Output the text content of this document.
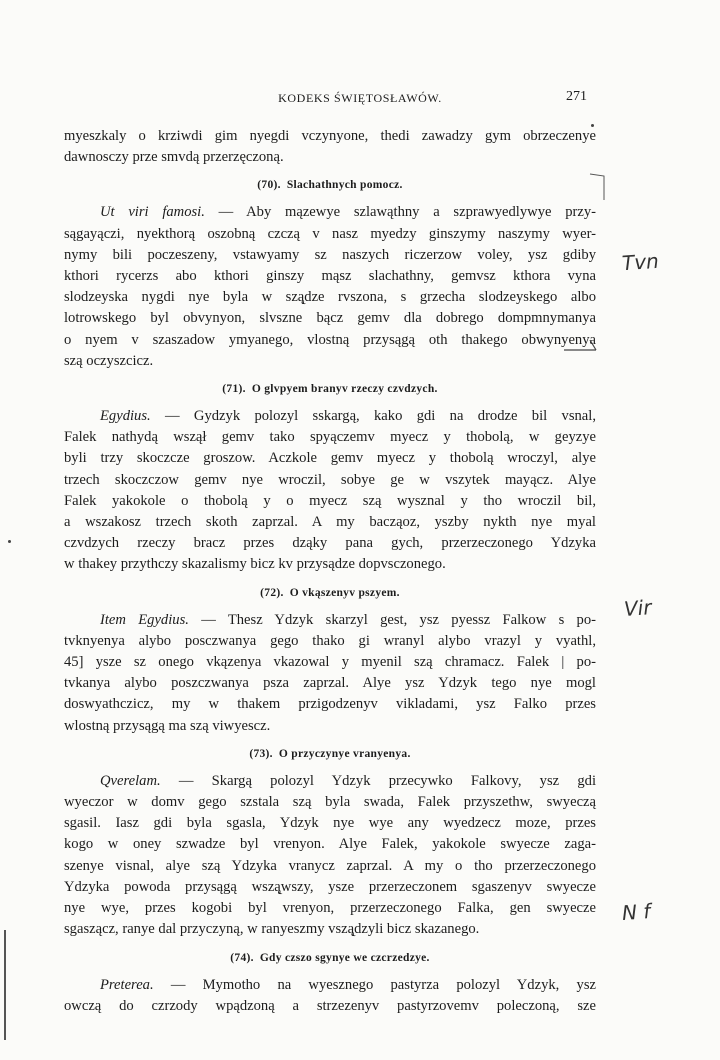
KODEKS ŚWIĘTOSŁAWÓW.	271

myeszkaly o krziwdi gim nyegdi vczynyone, thedi zawadzy gym obrzeczenye
dawnosczy prze smvdą przerzęczoną.

(70). Slachathnych pomocz.

Ut viri famosi. — Aby mązewye szlawąthny a szprawyedlywye przy-
sągayączi, nyekthorą oszobną czczą v nasz myedzy ginszymy naszymy wyer-
nymy bili poczeszeny, vstawyamy sz naszych riczerzow voley, ysz gdiby
kthori rycerzs abo kthori ginszy mąsz slachathny, gemvsz kthora vyna
slodzeyska nygdi nye byla w szą̨dze rvszona, s grzecha slodzeyskego albo
lotrowskego byl obvynyon, slvszne bącz gemv dla dobrego dompmnymanya
o nyem v szaszadow ymyanego, vlostną przysągą oth thakego obwynyenya
szą oczyszcicz.

(71). O glvpyem branyv rzeczy czvdzych.

Egydius. — Gydzyk polozyl sskargą, kako gdi na drodze bil vsnal,
Falek nathydą wszął gemv tako spyączemv myecz y thobolą, w geyzye
byli trzy skoczcze groszow. Aczkole gemv myecz y thobolą wroczyl, alye
trzech skoczczow gemv nye wroczil, sobye ge w vszytek mayącz. Alye
Falek yakokole o thobolą y o myecz szą wysznal y tho wroczil bil,
a wszakosz trzech skoth zaprzal. A my bacząoz, yszby nykth nye myal
czvdzych rzeczy bracz przes dząky pana gych, przerzeczonego Ydzyka
w thakey przythczy skazalismy bicz kv przysądze dopvsczonego.

(72). O vkąszenyv pszyem.

Item Egydius. — Thesz Ydzyk skarzyl gest, ysz pyessz Falkow s po-
tvknyenya alybo posczwanya gego thako gi wranyl alybo vrazyl y vyathl,
45] ysze sz onego vkązenya vkazowal y myenil szą chramacz. Falek | po-
tvkanya alybo poszczwanya psza zaprzal. Alye ysz Ydzyk tego nye mogl
doswyathczicz, my w thakem przigodzenyv vikladami, ysz Falko przes
wlostną przysągą ma szą viwyescz.

(73). O przyczynye vranyenya.

Qverelam. — Skargą polozyl Ydzyk przecywko Falkovy, ysz gdi
wyeczor w domv gego szstala szą byla swada, Falek przyszethw, swyeczą
sgasil. Iasz gdi byla sgasla, Ydzyk nye wye any wyedzecz moze, przes
kogo w oney szwadze byl vrenyon. Alye Falek, yakokole swyecze zaga-
szenye visnal, alye szą Ydzyka vranycz zaprzal. A my o tho przerzeczonego
Ydzyka powoda przysągą wszą̨wszy, ysze przerzeczonem sgaszenyv swyecze
nye wye, przes kogobi byl vrenyon, przerzeczonego Falka, gen swyecze
sgaszącz, ranye dal przyczyną, w ranyeszmy vszą̨dzyli bicz skazanego.

(74). Gdy czszo sgynye we czcrzedzye.

Preterea. — Mymotho na wyesznego pastyrza polozyl Ydzyk, ysz
owczą do czrzody wpądzoną a strzezenyv pastyrzovemv poleczoną, sze

Tvn
Vir
N f
